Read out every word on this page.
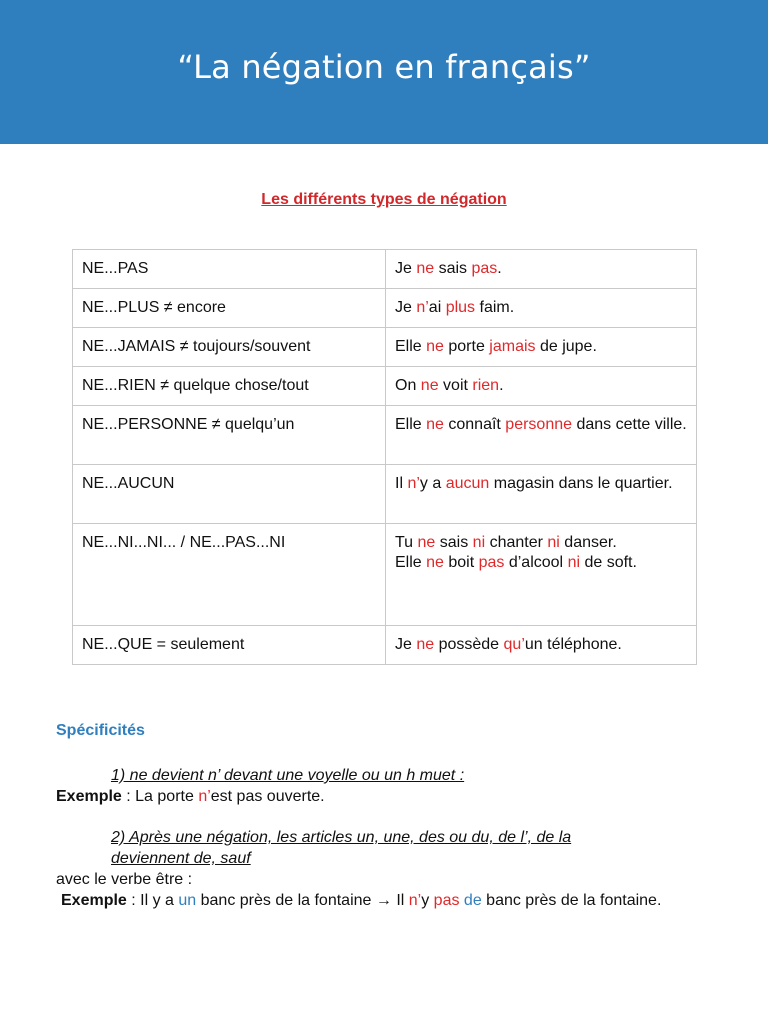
“La négation en français”
Les différents types de négation
NE...PAS	Je ne sais pas.
NE...PLUS ≠ encore	Je n’ai plus faim.
NE...JAMAIS ≠ toujours/souvent	Elle ne porte jamais de jupe.
NE...RIEN ≠ quelque chose/tout	On ne voit rien.
NE...PERSONNE ≠ quelqu’un	Elle ne connaît personne dans cette ville.
NE...AUCUN	Il n’y a aucun magasin dans le quartier.
NE...NI...NI... / NE...PAS...NI	Tu ne sais ni chanter ni danser.
Elle ne boit pas d’alcool ni de soft.
NE...QUE = seulement	Je ne possède qu’un téléphone.
Spécificités
1) ne devient n’ devant une voyelle ou un h muet :
Exemple : La porte n’est pas ouverte.
2) Après une négation, les articles un, une, des ou du, de l’, de la
deviennent de, sauf
avec le verbe être :
Exemple : Il y a un banc près de la fontaine → Il n’y pas de banc près de la fontaine.
